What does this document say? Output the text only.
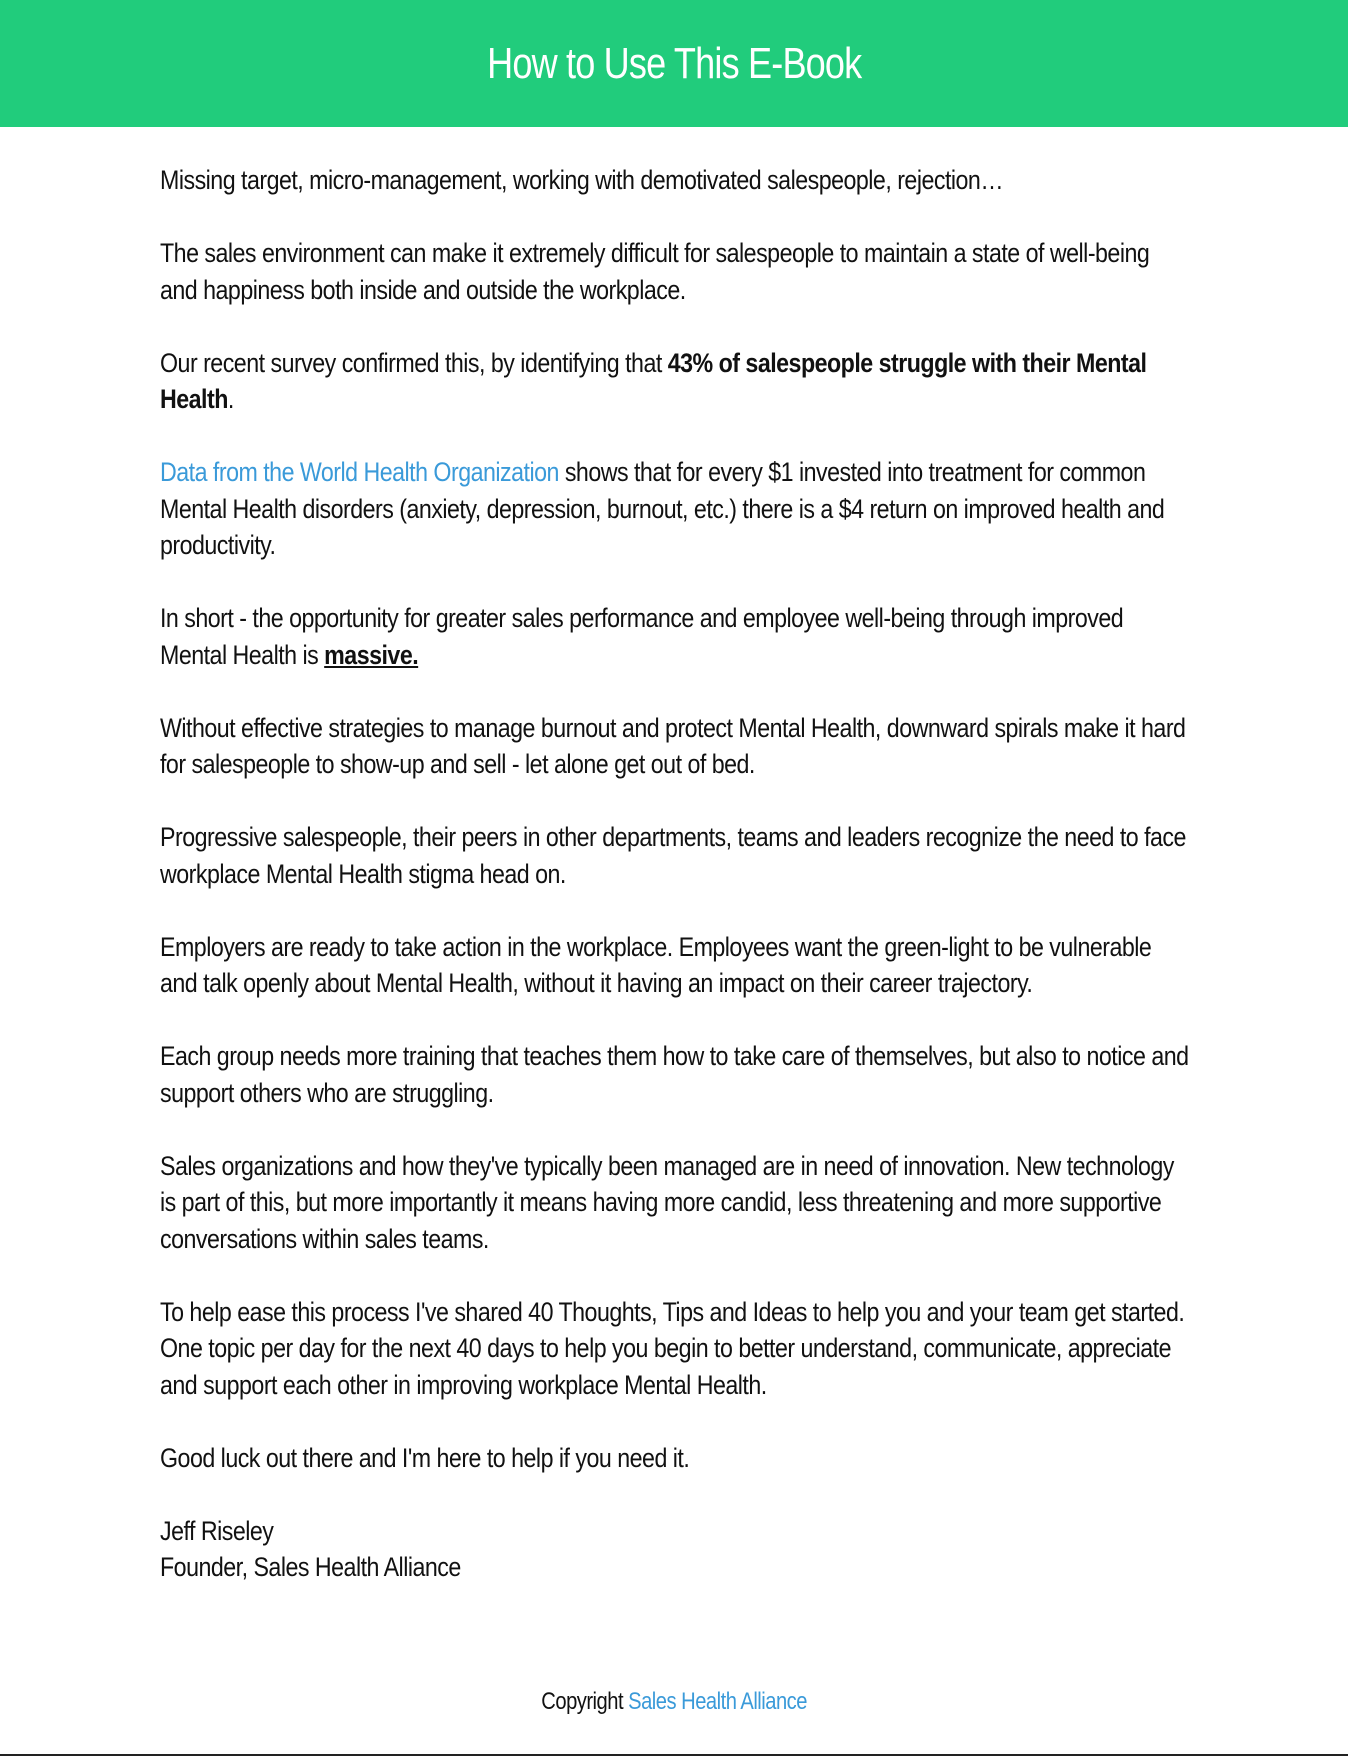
How to Use This E-Book

Missing target, micro-management, working with demotivated salespeople, rejection…

The sales environment can make it extremely difficult for salespeople to maintain a state of well-being and happiness both inside and outside the workplace.

Our recent survey confirmed this, by identifying that 43% of salespeople struggle with their Mental Health.

Data from the World Health Organization shows that for every $1 invested into treatment for common Mental Health disorders (anxiety, depression, burnout, etc.) there is a $4 return on improved health and productivity.

In short - the opportunity for greater sales performance and employee well-being through improved Mental Health is massive.

Without effective strategies to manage burnout and protect Mental Health, downward spirals make it hard for salespeople to show-up and sell - let alone get out of bed.

Progressive salespeople, their peers in other departments, teams and leaders recognize the need to face workplace Mental Health stigma head on.

Employers are ready to take action in the workplace. Employees want the green-light to be vulnerable and talk openly about Mental Health, without it having an impact on their career trajectory.

Each group needs more training that teaches them how to take care of themselves, but also to notice and support others who are struggling.

Sales organizations and how they've typically been managed are in need of innovation. New technology is part of this, but more importantly it means having more candid, less threatening and more supportive conversations within sales teams.

To help ease this process I've shared 40 Thoughts, Tips and Ideas to help you and your team get started. One topic per day for the next 40 days to help you begin to better understand, communicate, appreciate and support each other in improving workplace Mental Health.

Good luck out there and I'm here to help if you need it.

Jeff Riseley
Founder, Sales Health Alliance
Copyright Sales Health Alliance
